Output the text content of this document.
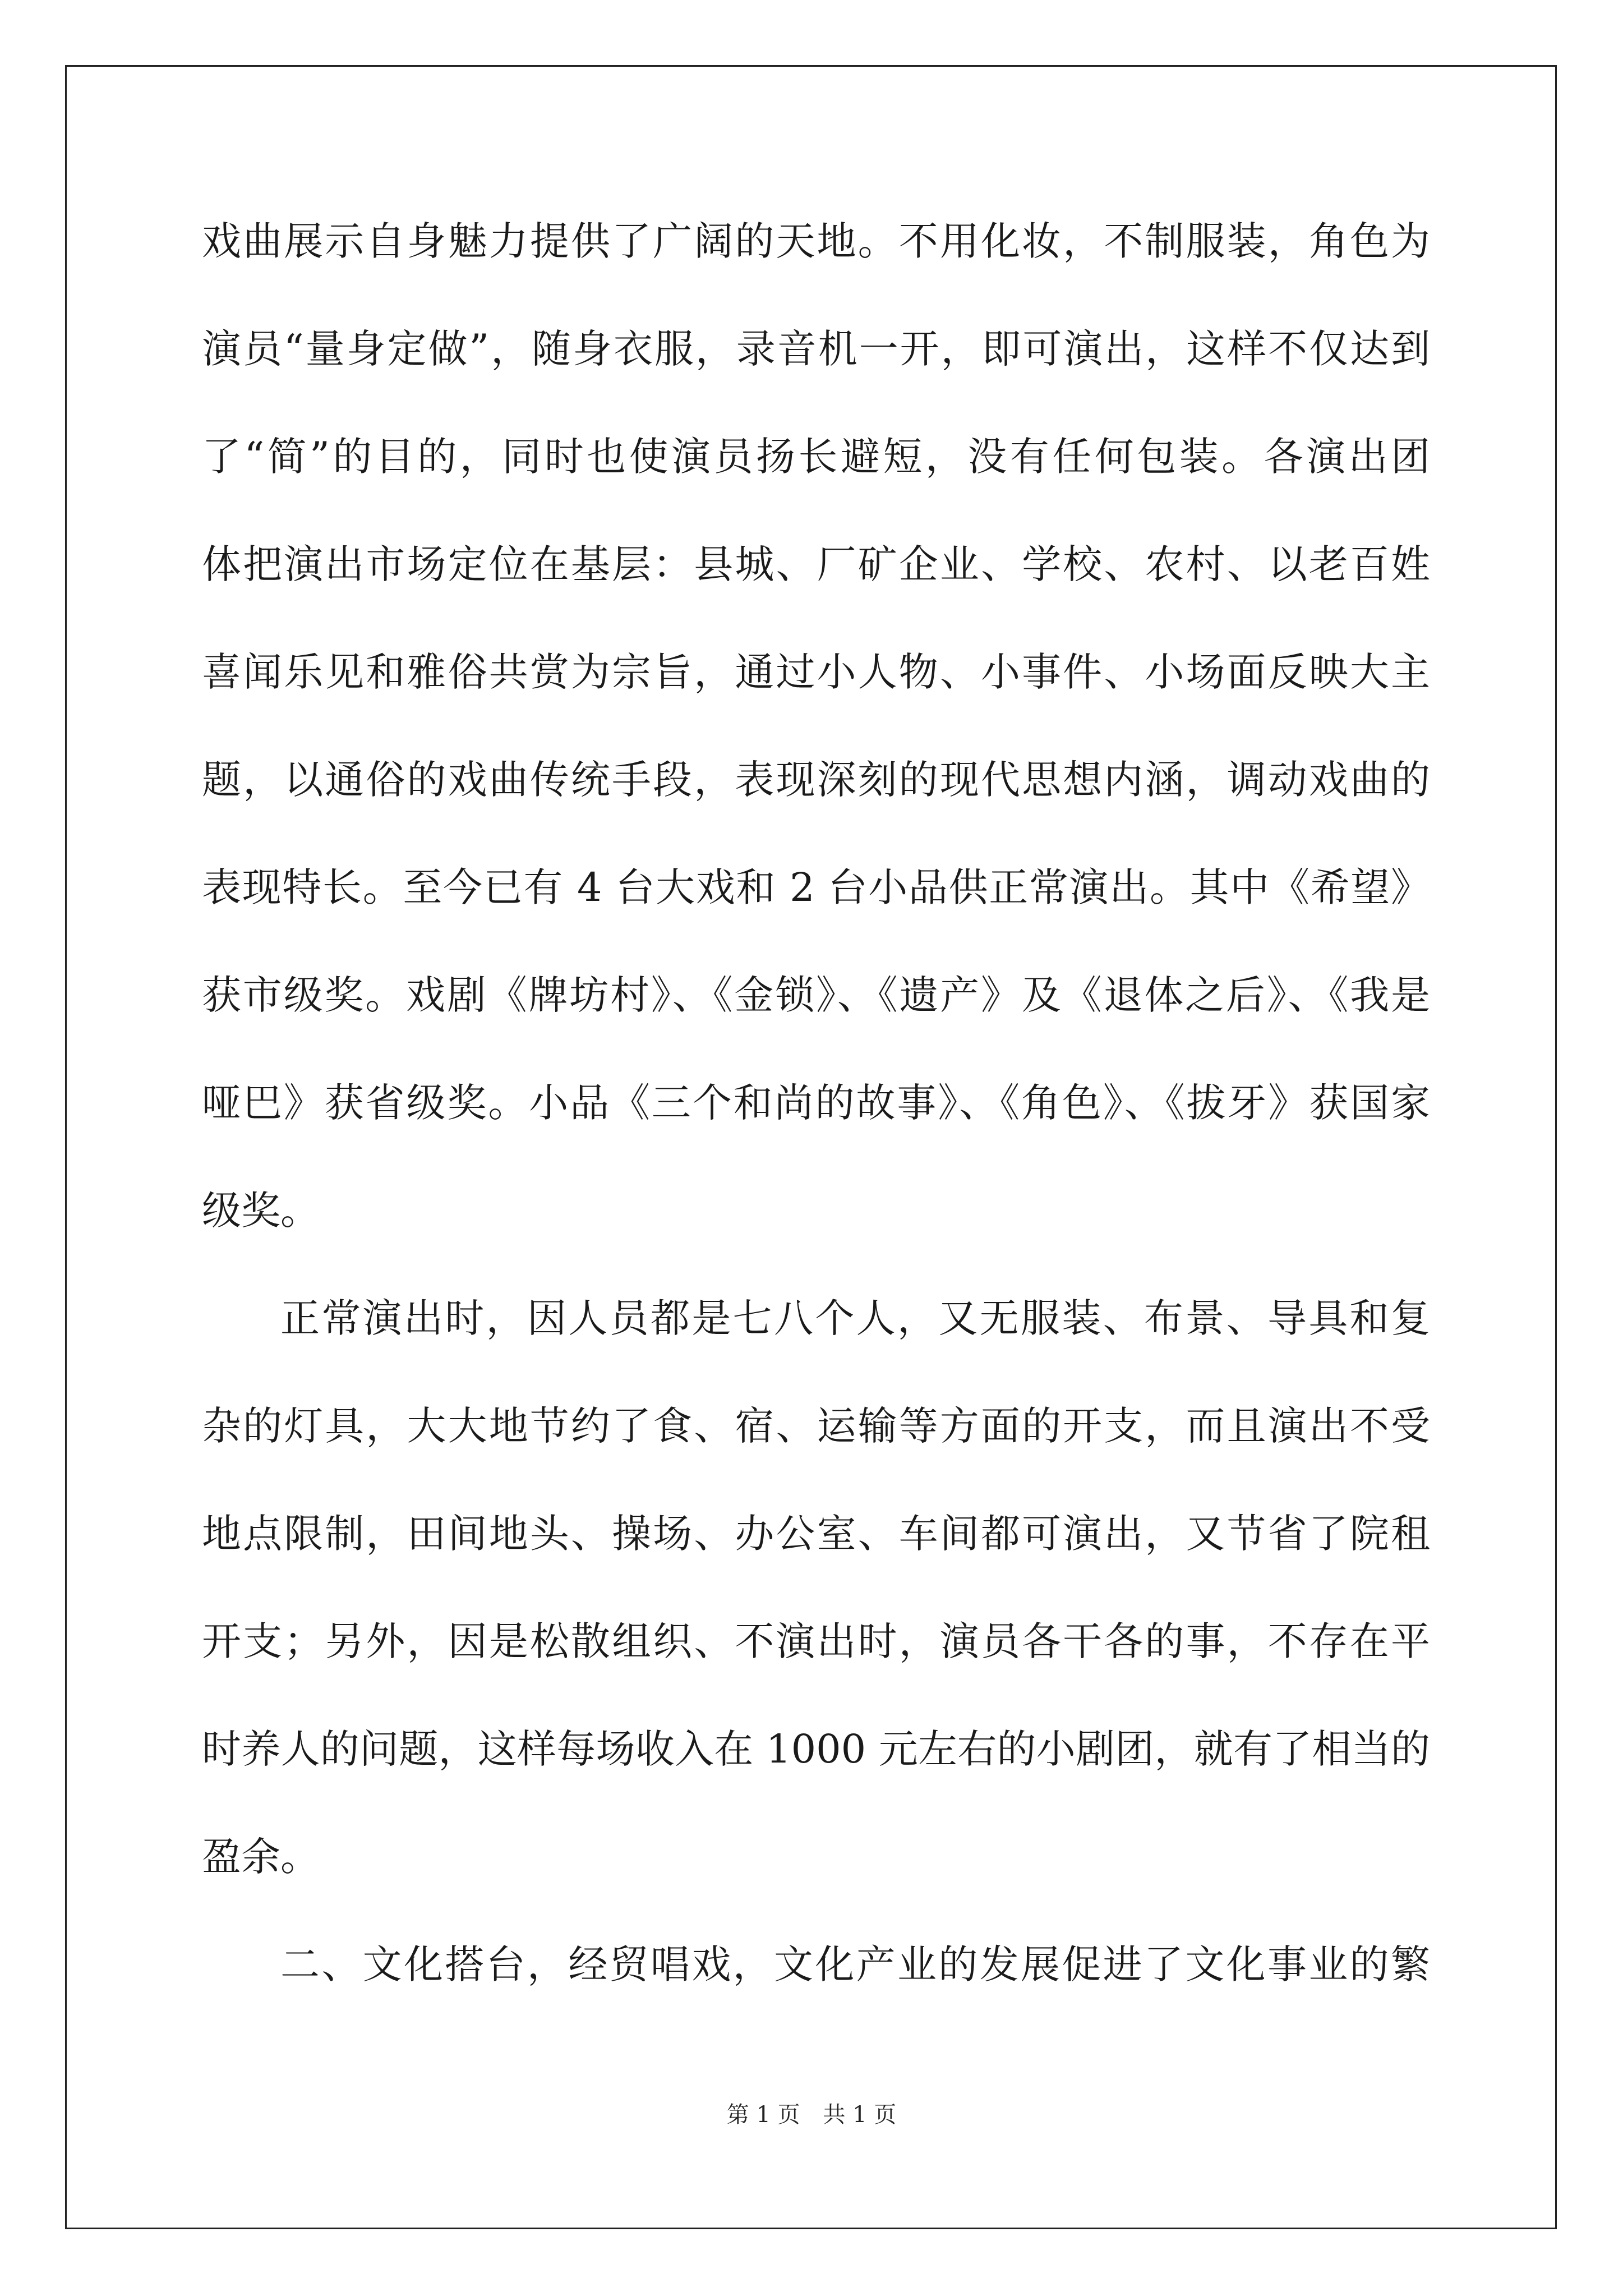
戏曲展示自身魅力提供了广阔的天地。不用化妆，不制服装，角色为
演员“量身定做”，随身衣服，录音机一开，即可演出，这样不仅达到
了“简”的目的，同时也使演员扬长避短，没有任何包装。各演出团
体把演出市场定位在基层：县城、厂矿企业、学校、农村、以老百姓
喜闻乐见和雅俗共赏为宗旨，通过小人物、小事件、小场面反映大主
题，以通俗的戏曲传统手段，表现深刻的现代思想内涵，调动戏曲的
表现特长。至今已有 4 台大戏和 2 台小品供正常演出。其中《希望》
获市级奖。戏剧《牌坊村》、《金锁》、《遗产》及《退体之后》、《我是
哑巴》获省级奖。小品《三个和尚的故事》、《角色》、《拔牙》获国家
级奖。
正常演出时，因人员都是七八个人，又无服装、布景、导具和复
杂的灯具，大大地节约了食、宿、运输等方面的开支，而且演出不受
地点限制，田间地头、操场、办公室、车间都可演出，又节省了院租
开支；另外，因是松散组织、不演出时，演员各干各的事，不存在平
时养人的问题，这样每场收入在 1000 元左右的小剧团，就有了相当的
盈余。
二、文化搭台，经贸唱戏，文化产业的发展促进了文化事业的繁
第 1 页 共 1 页
